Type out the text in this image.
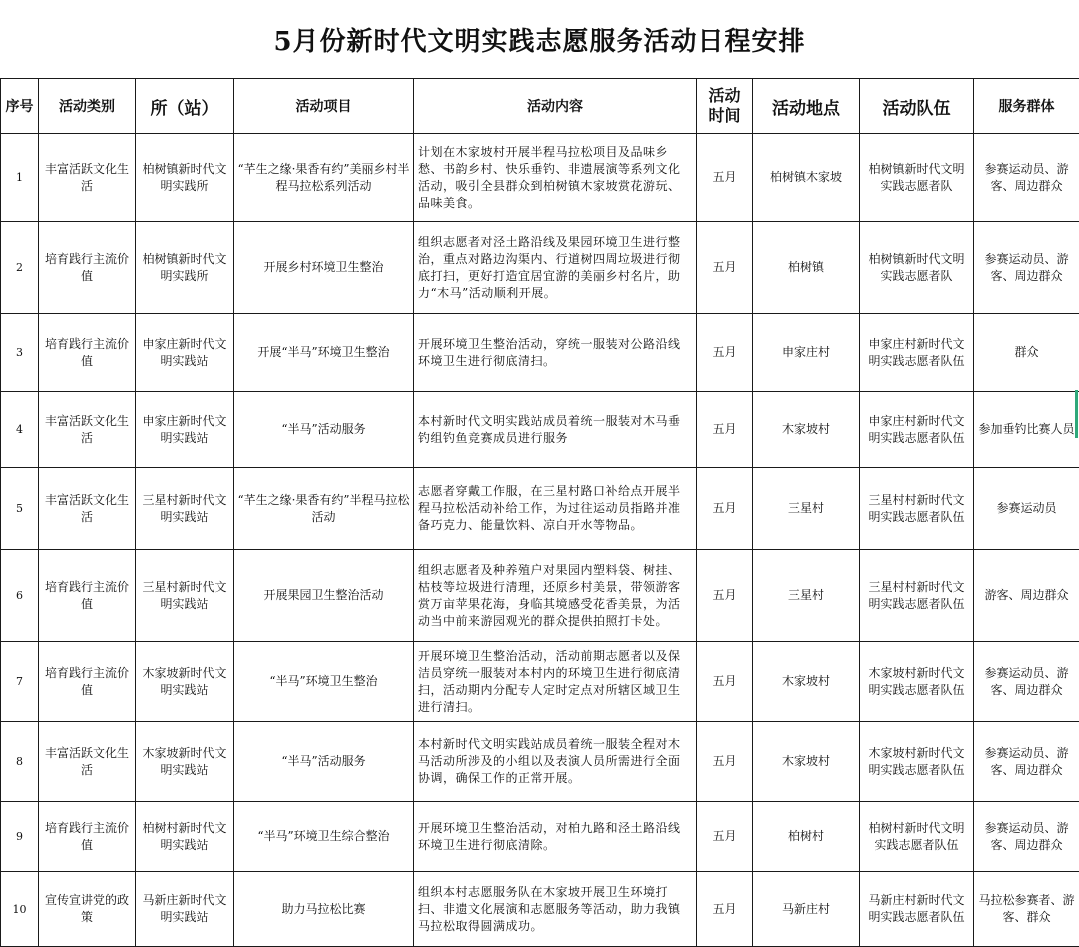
5月份新时代文明实践志愿服务活动日程安排
序号	活动类别	所（站）	活动项目	活动内容	活动时间	活动地点	活动队伍	服务群体
1	丰富活跃文化生活	柏树镇新时代文明实践所	“芊生之缘·果香有约”美丽乡村半程马拉松系列活动	计划在木家坡村开展半程马拉松项目及品味乡愁、书韵乡村、快乐垂钓、非遗展演等系列文化活动，吸引全县群众到柏树镇木家坡赏花游玩、品味美食。	五月	柏树镇木家坡	柏树镇新时代文明实践志愿者队	参赛运动员、游客、周边群众
2	培育践行主流价值	柏树镇新时代文明实践所	开展乡村环境卫生整治	组织志愿者对泾土路沿线及果园环境卫生进行整治，重点对路边沟渠内、行道树四周垃圾进行彻底打扫，更好打造宜居宜游的美丽乡村名片，助力“木马”活动顺利开展。	五月	柏树镇	柏树镇新时代文明实践志愿者队	参赛运动员、游客、周边群众
3	培育践行主流价值	申家庄新时代文明实践站	开展“半马”环境卫生整治	开展环境卫生整治活动，穿统一服装对公路沿线环境卫生进行彻底清扫。	五月	申家庄村	申家庄村新时代文明实践志愿者队伍	群众
4	丰富活跃文化生活	申家庄新时代文明实践站	“半马”活动服务	本村新时代文明实践站成员着统一服装对木马垂钓组钓鱼竞赛成员进行服务	五月	木家坡村	申家庄村新时代文明实践志愿者队伍	参加垂钓比赛人员
5	丰富活跃文化生活	三星村新时代文明实践站	“芊生之缘·果香有约”半程马拉松活动	志愿者穿戴工作服，在三星村路口补给点开展半程马拉松活动补给工作，为过往运动员指路并准备巧克力、能量饮料、凉白开水等物品。	五月	三星村	三星村村新时代文明实践志愿者队伍	参赛运动员
6	培育践行主流价值	三星村新时代文明实践站	开展果园卫生整治活动	组织志愿者及种养殖户对果园内塑料袋、树挂、枯枝等垃圾进行清理，还原乡村美景，带领游客赏万亩苹果花海，身临其境感受花香美景，为活动当中前来游园观光的群众提供拍照打卡处。	五月	三星村	三星村村新时代文明实践志愿者队伍	游客、周边群众
7	培育践行主流价值	木家坡新时代文明实践站	“半马”环境卫生整治	开展环境卫生整治活动，活动前期志愿者以及保洁员穿统一服装对本村内的环境卫生进行彻底清扫，活动期内分配专人定时定点对所辖区域卫生进行清扫。	五月	木家坡村	木家坡村新时代文明实践志愿者队伍	参赛运动员、游客、周边群众
8	丰富活跃文化生活	木家坡新时代文明实践站	“半马”活动服务	本村新时代文明实践站成员着统一服装全程对木马活动所涉及的小组以及表演人员所需进行全面协调，确保工作的正常开展。	五月	木家坡村	木家坡村新时代文明实践志愿者队伍	参赛运动员、游客、周边群众
9	培育践行主流价值	柏树村新时代文明实践站	“半马”环境卫生综合整治	开展环境卫生整治活动，对柏九路和泾土路沿线环境卫生进行彻底清除。	五月	柏树村	柏树村新时代文明实践志愿者队伍	参赛运动员、游客、周边群众
10	宣传宣讲党的政策	马新庄新时代文明实践站	助力马拉松比赛	组织本村志愿服务队在木家坡开展卫生环境打扫、非遗文化展演和志愿服务等活动，助力我镇马拉松取得圆满成功。	五月	马新庄村	马新庄村新时代文明实践志愿者队伍	马拉松参赛者、游客、群众
